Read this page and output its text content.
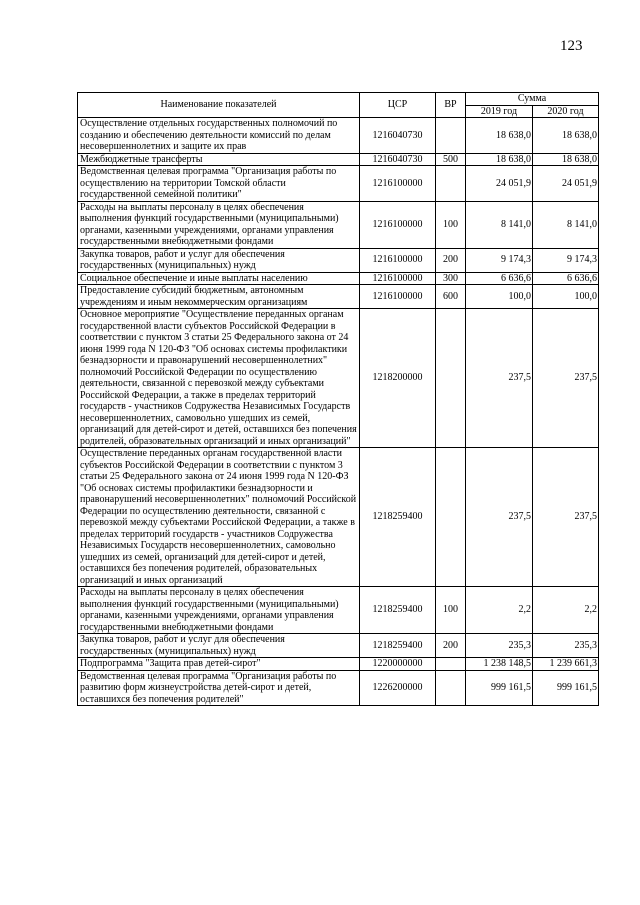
123
Наименование показателей	ЦСР	ВР	Сумма	
			2019 год	2020 год
Осуществление отдельных государственных полномочий по созданию и обеспечению деятельности комиссий по делам несовершеннолетних и защите их прав	1216040730		18 638,0	18 638,0
Межбюджетные трансферты	1216040730	500	18 638,0	18 638,0
Ведомственная целевая программа "Организация работы по осуществлению на территории Томской области государственной семейной политики"	1216100000		24 051,9	24 051,9
Расходы на выплаты персоналу в целях обеспечения выполнения функций государственными (муниципальными) органами, казенными учреждениями, органами управления государственными внебюджетными фондами	1216100000	100	8 141,0	8 141,0
Закупка товаров, работ и услуг для обеспечения государственных (муниципальных) нужд	1216100000	200	9 174,3	9 174,3
Социальное обеспечение и иные выплаты населению	1216100000	300	6 636,6	6 636,6
Предоставление субсидий бюджетным, автономным учреждениям и иным некоммерческим организациям	1216100000	600	100,0	100,0
Основное мероприятие "Осуществление переданных органам государственной власти субъектов Российской Федерации в соответствии с пунктом 3 статьи 25 Федерального закона от 24 июня 1999 года N 120-ФЗ "Об основах системы профилактики безнадзорности и правонарушений несовершеннолетних" полномочий Российской Федерации по осуществлению деятельности, связанной с перевозкой между субъектами Российской Федерации, а также в пределах территорий государств - участников Содружества Независимых Государств несовершеннолетних, самовольно ушедших из семей, организаций для детей-сирот и детей, оставшихся без попечения родителей, образовательных организаций и иных организаций"	1218200000		237,5	237,5
Осуществление переданных органам государственной власти субъектов Российской Федерации в соответствии с пунктом 3 статьи 25 Федерального закона от 24 июня 1999 года N 120-ФЗ "Об основах системы профилактики безнадзорности и правонарушений несовершеннолетних" полномочий Российской Федерации по осуществлению деятельности, связанной с перевозкой между субъектами Российской Федерации, а также в пределах территорий государств - участников Содружества Независимых Государств несовершеннолетних, самовольно ушедших из семей, организаций для детей-сирот и детей, оставшихся без попечения родителей, образовательных организаций и иных организаций	1218259400		237,5	237,5
Расходы на выплаты персоналу в целях обеспечения выполнения функций государственными (муниципальными) органами, казенными учреждениями, органами управления государственными внебюджетными фондами	1218259400	100	2,2	2,2
Закупка товаров, работ и услуг для обеспечения государственных (муниципальных) нужд	1218259400	200	235,3	235,3
Подпрограмма "Защита прав детей-сирот"	1220000000		1 238 148,5	1 239 661,3
Ведомственная целевая программа "Организация работы по развитию форм жизнеустройства детей-сирот и детей, оставшихся без попечения родителей"	1226200000		999 161,5	999 161,5
